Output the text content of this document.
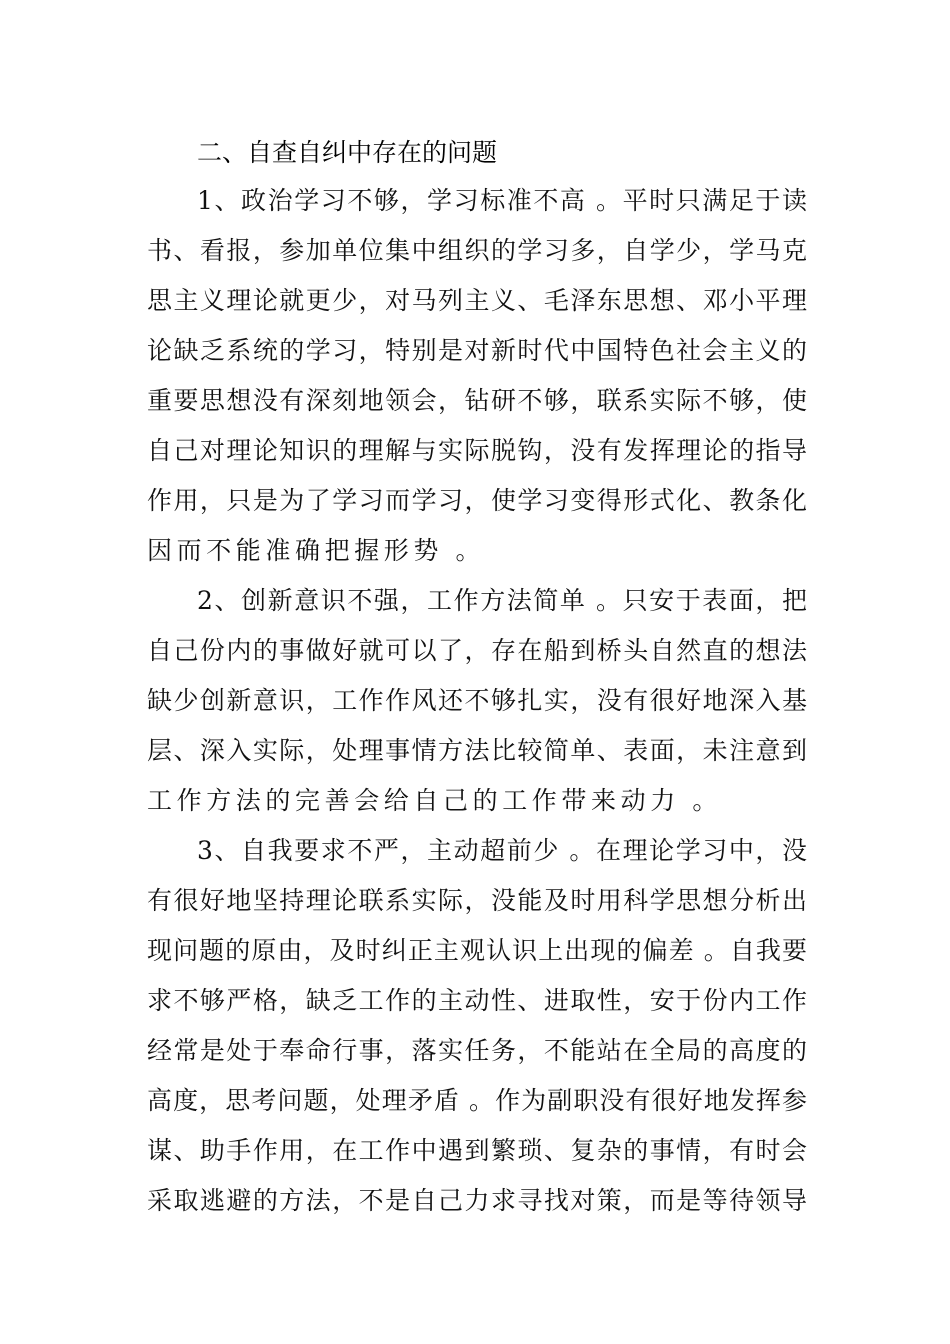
二、自查自纠中存在的问题
1、政治学习不够，学习标准不高 。平时只满足于读
书、看报，参加单位集中组织的学习多，自学少，学马克
思主义理论就更少，对马列主义、毛泽东思想、邓小平理
论缺乏系统的学习，特别是对新时代中国特色社会主义的
重要思想没有深刻地领会，钻研不够，联系实际不够，使
自己对理论知识的理解与实际脱钩，没有发挥理论的指导
作用，只是为了学习而学习，使学习变得形式化、教条化
因而不能准确把握形势 。
2、创新意识不强，工作方法简单 。只安于表面，把
自己份内的事做好就可以了，存在船到桥头自然直的想法
缺少创新意识，工作作风还不够扎实，没有很好地深入基
层、深入实际，处理事情方法比较简单、表面，未注意到
工作方法的完善会给自己的工作带来动力 。
3、自我要求不严，主动超前少 。在理论学习中，没
有很好地坚持理论联系实际，没能及时用科学思想分析出
现问题的原由，及时纠正主观认识上出现的偏差 。自我要
求不够严格，缺乏工作的主动性、进取性，安于份内工作
经常是处于奉命行事，落实任务，不能站在全局的高度的
高度，思考问题，处理矛盾 。作为副职没有很好地发挥参
谋、助手作用，在工作中遇到繁琐、复杂的事情，有时会
采取逃避的方法，不是自己力求寻找对策，而是等待领导
